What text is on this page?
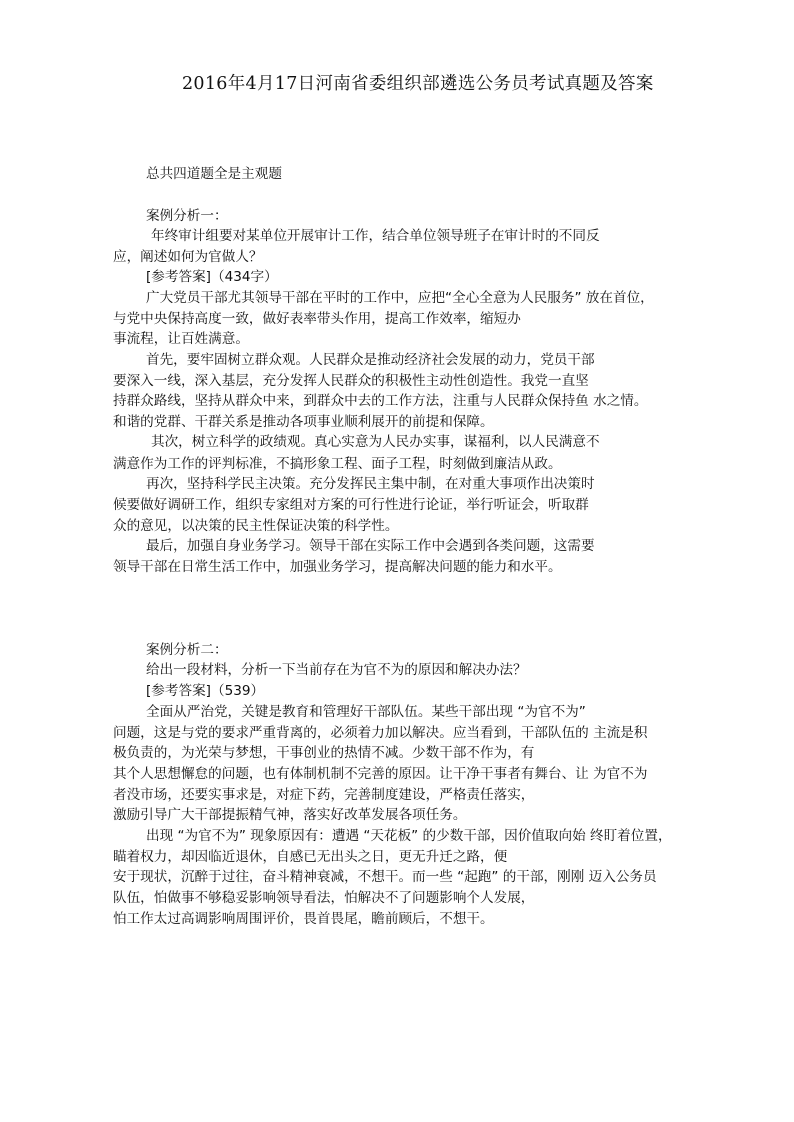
2016年4月17日河南省委组织部遴选公务员考试真题及答案
总共四道题全是主观题
案例分析一：
年终审计组要对某单位开展审计工作，结合单位领导班子在审计时的不同反
应，阐述如何为官做人？
[参考答案]（434字）
广大党员干部尤其领导干部在平时的工作中，应把“全心全意为人民服务” 放在首位，
与党中央保持高度一致，做好表率带头作用，提高工作效率，缩短办
事流程，让百姓满意。
首先，要牢固树立群众观。人民群众是推动经济社会发展的动力，党员干部
要深入一线，深入基层，充分发挥人民群众的积极性主动性创造性。我党一直坚
持群众路线，坚持从群众中来，到群众中去的工作方法，注重与人民群众保持鱼 水之情。
和谐的党群、干群关系是推动各项事业顺利展开的前提和保障。
其次，树立科学的政绩观。真心实意为人民办实事，谋福利，以人民满意不
满意作为工作的评判标准，不搞形象工程、面子工程，时刻做到廉洁从政。
再次，坚持科学民主决策。充分发挥民主集中制，在对重大事项作出决策时
候要做好调研工作，组织专家组对方案的可行性进行论证，举行听证会，听取群
众的意见，以决策的民主性保证决策的科学性。
最后，加强自身业务学习。领导干部在实际工作中会遇到各类问题，这需要
领导干部在日常生活工作中，加强业务学习，提高解决问题的能力和水平。
案例分析二：
给出一段材料，分析一下当前存在为官不为的原因和解决办法？
[参考答案]（539）
全面从严治党，关键是教育和管理好干部队伍。某些干部出现 “为官不为”
问题，这是与党的要求严重背离的，必须着力加以解决。应当看到，干部队伍的 主流是积
极负责的，为光荣与梦想，干事创业的热情不减。少数干部不作为，有
其个人思想懈怠的问题，也有体制机制不完善的原因。让干净干事者有舞台、让 为官不为
者没市场，还要实事求是，对症下药，完善制度建设，严格责任落实，
激励引导广大干部提振精气神，落实好改革发展各项任务。
出现 “为官不为” 现象原因有：遭遇 “天花板” 的少数干部，因价值取向始 终盯着位置，
瞄着权力，却因临近退休，自感已无出头之日，更无升迁之路，便
安于现状，沉醉于过往，奋斗精神衰减，不想干。而一些 “起跑” 的干部，刚刚 迈入公务员
队伍，怕做事不够稳妥影响领导看法，怕解决不了问题影响个人发展，
怕工作太过高调影响周围评价，畏首畏尾，瞻前顾后，不想干。
